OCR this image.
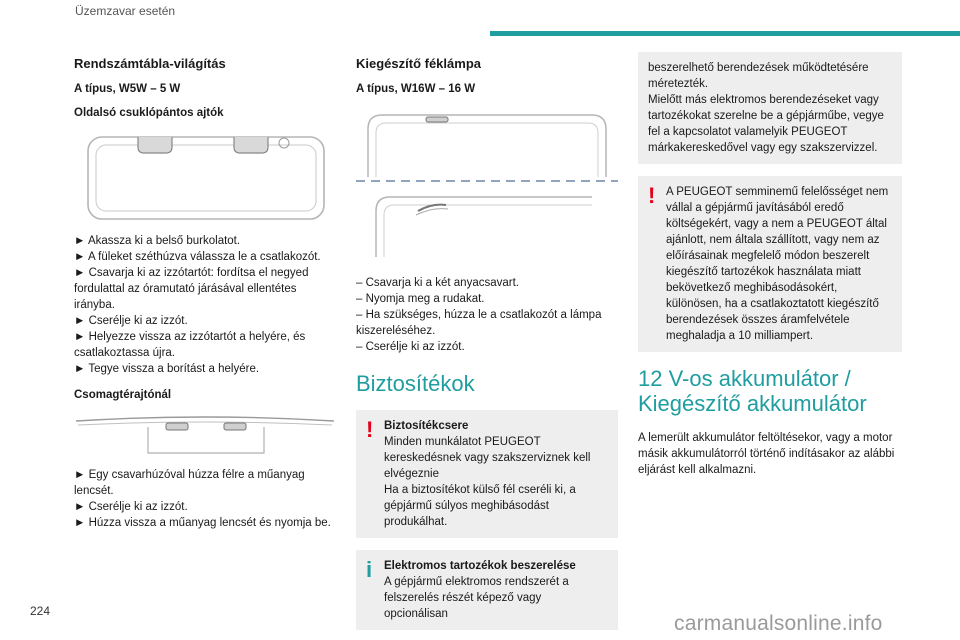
Üzemzavar esetén
Rendszámtábla-világítás
A típus, W5W – 5 W
Oldalsó csuklópántos ajtók
► Akassza ki a belső burkolatot.
► A füleket széthúzva válassza le a csatlakozót.
► Csavarja ki az izzótartót: fordítsa el negyed fordulattal az óramutató járásával ellentétes irányba.
► Cserélje ki az izzót.
► Helyezze vissza az izzótartót a helyére, és csatlakoztassa újra.
► Tegye vissza a borítást a helyére.
Csomagtérajtónál
► Egy csavarhúzóval húzza félre a műanyag lencsét.
► Cserélje ki az izzót.
► Húzza vissza a műanyag lencsét és nyomja be.
Kiegészítő féklámpa
A típus, W16W – 16 W
– Csavarja ki a két anyacsavart.
– Nyomja meg a rudakat.
– Ha szükséges, húzza le a csatlakozót a lámpa kiszereléséhez.
– Cserélje ki az izzót.
Biztosítékok
! Biztosítékcsere
Minden munkálatot PEUGEOT kereskedésnek vagy szakszerviznek kell elvégeznie
Ha a biztosítékot külső fél cseréli ki, a gépjármű súlyos meghibásodást produkálhat.
i Elektromos tartozékok beszerelése
A gépjármű elektromos rendszerét a felszerelés részét képező vagy opcionálisan
beszerelhető berendezések működtetésére méretezték.
Mielőtt más elektromos berendezéseket vagy tartozékokat szerelne be a gépjárműbe, vegye fel a kapcsolatot valamelyik PEUGEOT márkakereskedővel vagy egy szakszervizzel.
! A PEUGEOT semminemű felelősséget nem vállal a gépjármű javításából eredő költségekért, vagy a nem a PEUGEOT által ajánlott, nem általa szállított, vagy nem az előírásainak megfelelő módon beszerelt kiegészítő tartozékok használata miatt bekövetkező meghibásodásokért, különösen, ha a csatlakoztatott kiegészítő berendezések összes áramfelvétele meghaladja a 10 milliampert.
12 V-os akkumulátor / Kiegészítő akkumulátor
A lemerült akkumulátor feltöltésekor, vagy a motor másik akkumulátorról történő indításakor az alábbi eljárást kell alkalmazni.
224
carmanualsonline.info
